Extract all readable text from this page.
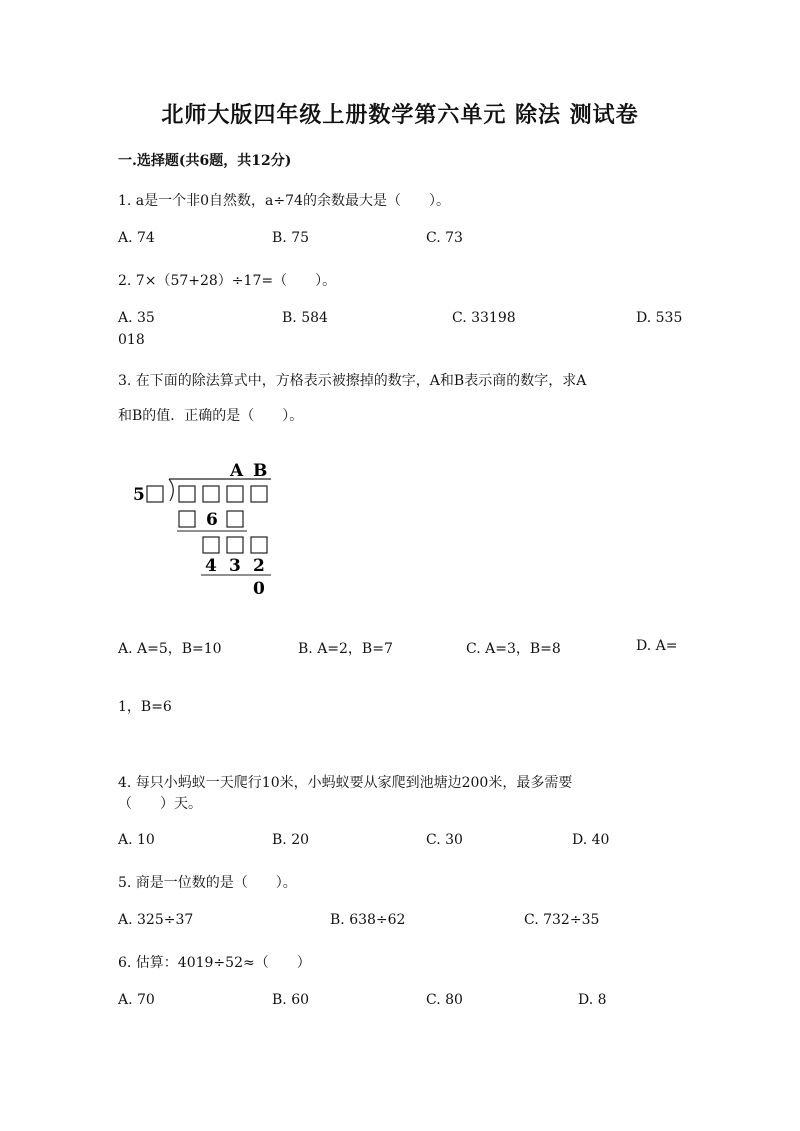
北师大版四年级上册数学第六单元 除法 测试卷
一.选择题(共6题，共12分)
1. a是一个非0自然数，a÷74的余数最大是（　　）。
A. 74	B. 75	C. 73
2. 7×（57+28）÷17=（　　）。
A. 35	B. 584	C. 33198	D. 535
018
3. 在下面的除法算式中，方格表示被擦掉的数字，A和B表示商的数字，求A
和B的值．正确的是（　　）。
A B
5
6
4 3 2
0
A. A=5，B=10	B. A=2，B=7	C. A=3，B=8	D. A=
1，B=6
4. 每只小蚂蚁一天爬行10米，小蚂蚁要从家爬到池塘边200米，最多需要
（　　）天。
A. 10	B. 20	C. 30	D. 40
5. 商是一位数的是（　　）。
A. 325÷37	B. 638÷62	C. 732÷35
6. 估算：4019÷52≈（　　）
A. 70	B. 60	C. 80	D. 8
